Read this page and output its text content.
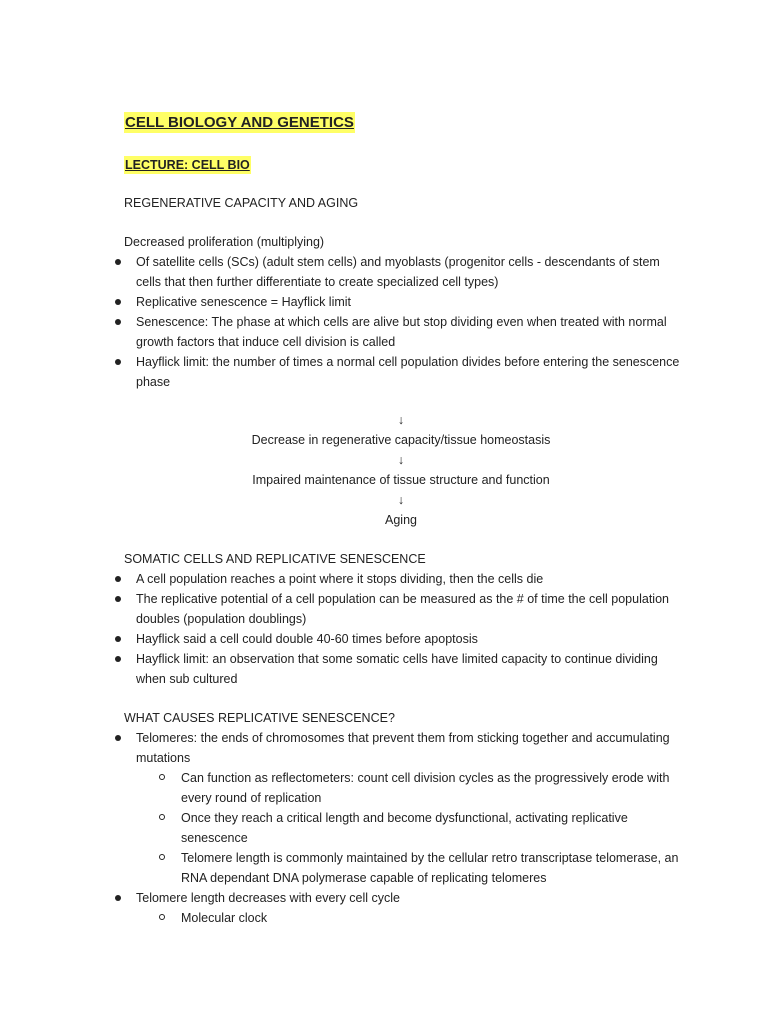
CELL BIOLOGY AND GENETICS
LECTURE: CELL BIO
REGENERATIVE CAPACITY AND AGING
Decreased proliferation (multiplying)
Of satellite cells (SCs) (adult stem cells) and myoblasts (progenitor cells - descendants of stem cells that then further differentiate to create specialized cell types)
Replicative senescence = Hayflick limit
Senescence: The phase at which cells are alive but stop dividing even when treated with normal growth factors that induce cell division is called
Hayflick limit: the number of times a normal cell population divides before entering the senescence phase
↓
Decrease in regenerative capacity/tissue homeostasis
↓
Impaired maintenance of tissue structure and function
↓
Aging
SOMATIC CELLS AND REPLICATIVE SENESCENCE
A cell population reaches a point where it stops dividing, then the cells die
The replicative potential of a cell population can be measured as the # of time the cell population doubles (population doublings)
Hayflick said a cell could double 40-60 times before apoptosis
Hayflick limit: an observation that some somatic cells have limited capacity to continue dividing when sub cultured
WHAT CAUSES REPLICATIVE SENESCENCE?
Telomeres: the ends of chromosomes that prevent them from sticking together and accumulating mutations
Can function as reflectometers: count cell division cycles as the progressively erode with every round of replication
Once they reach a critical length and become dysfunctional, activating replicative senescence
Telomere length is commonly maintained by the cellular retro transcriptase telomerase, an RNA dependant DNA polymerase capable of replicating telomeres
Telomere length decreases with every cell cycle
Molecular clock
